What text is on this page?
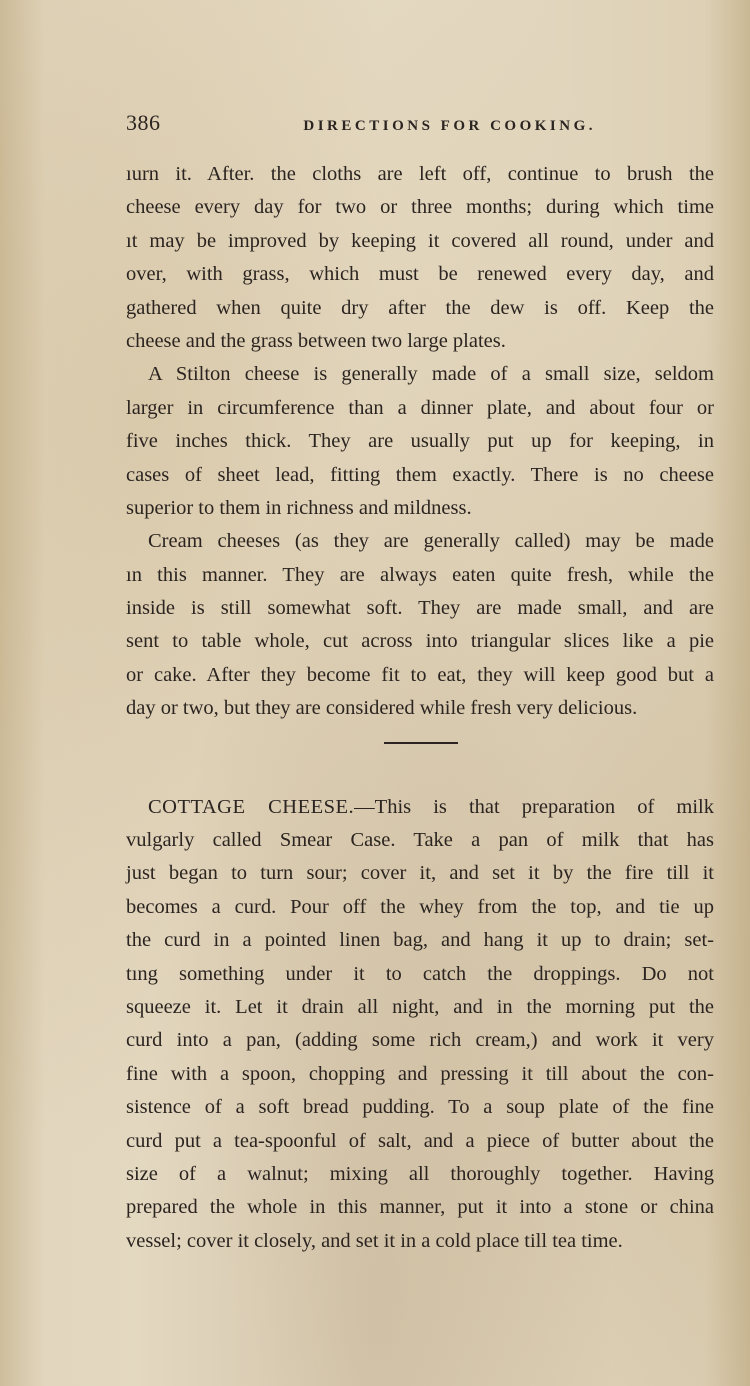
386	DIRECTIONS FOR COOKING.
ıurn it. After. the cloths are left off, continue to brush the
cheese every day for two or three months; during which time
ıt may be improved by keeping it covered all round, under and
over, with grass, which must be renewed every day, and
gathered when quite dry after the dew is off. Keep the
cheese and the grass between two large plates.
A Stilton cheese is generally made of a small size, seldom
larger in circumference than a dinner plate, and about four or
five inches thick. They are usually put up for keeping, in
cases of sheet lead, fitting them exactly. There is no cheese
superior to them in richness and mildness.
Cream cheeses (as they are generally called) may be made
ın this manner. They are always eaten quite fresh, while the
inside is still somewhat soft. They are made small, and are
sent to table whole, cut across into triangular slices like a pie
or cake. After they become fit to eat, they will keep good but a
day or two, but they are considered while fresh very delicious.
COTTAGE CHEESE.—This is that preparation of milk
vulgarly called Smear Case. Take a pan of milk that has
just began to turn sour; cover it, and set it by the fire till it
becomes a curd. Pour off the whey from the top, and tie up
the curd in a pointed linen bag, and hang it up to drain; set-
tıng something under it to catch the droppings. Do not
squeeze it. Let it drain all night, and in the morning put the
curd into a pan, (adding some rich cream,) and work it very
fine with a spoon, chopping and pressing it till about the con-
sistence of a soft bread pudding. To a soup plate of the fine
curd put a tea-spoonful of salt, and a piece of butter about the
size of a walnut; mixing all thoroughly together. Having
prepared the whole in this manner, put it into a stone or china
vessel; cover it closely, and set it in a cold place till tea time.
